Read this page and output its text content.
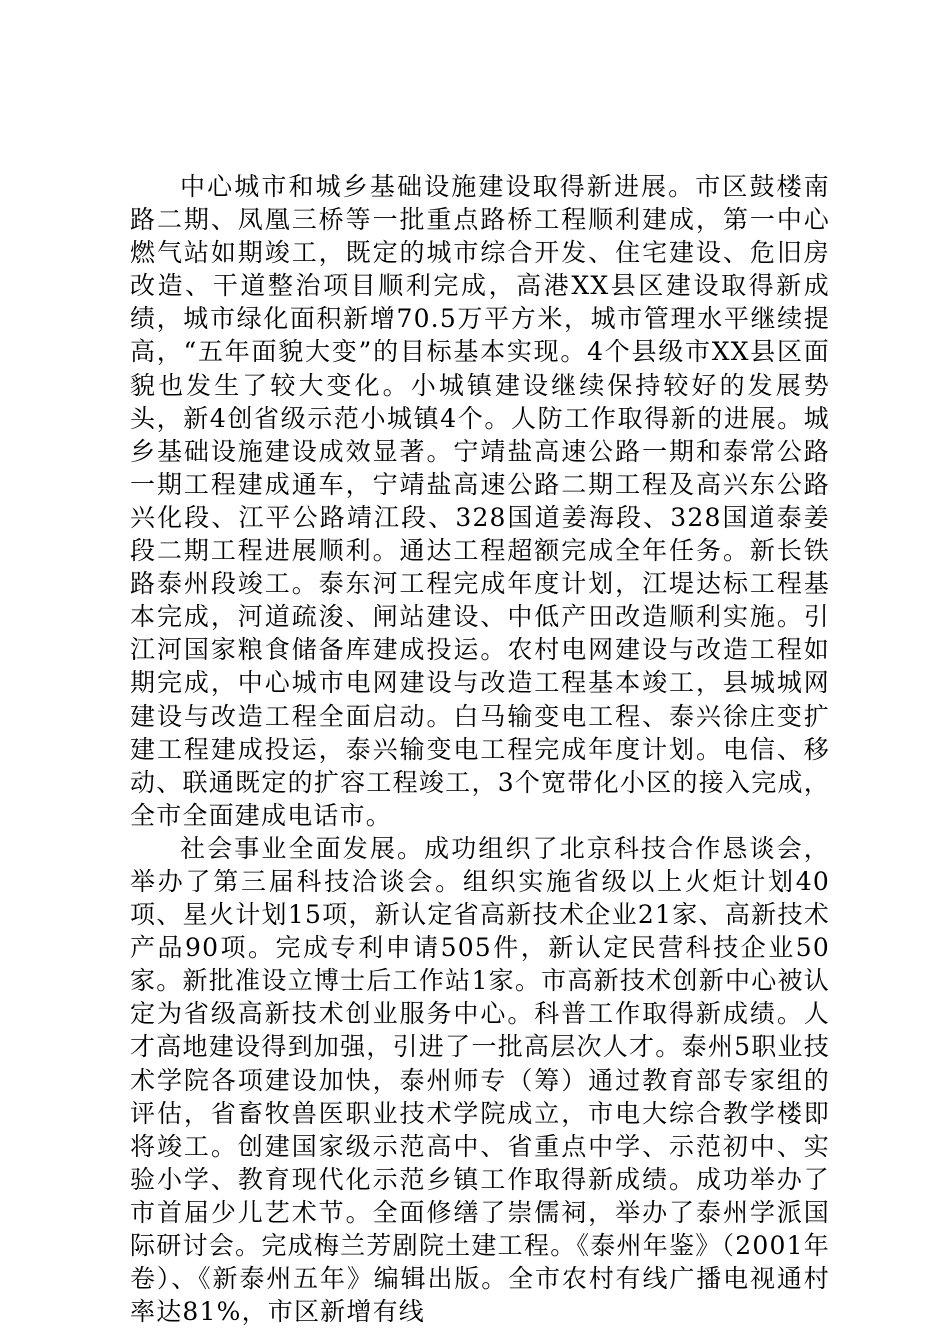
中心城市和城乡基础设施建设取得新进展。市区鼓楼南路二期、凤凰三桥等一批重点路桥工程顺利建成，第一中心燃气站如期竣工，既定的城市综合开发、住宅建设、危旧房改造、干道整治项目顺利完成，高港XX县区建设取得新成绩，城市绿化面积新增70.5万平方米，城市管理水平继续提高，“五年面貌大变”的目标基本实现。4个县级市XX县区面貌也发生了较大变化。小城镇建设继续保持较好的发展势头，新4创省级示范小城镇4个。人防工作取得新的进展。城乡基础设施建设成效显著。宁靖盐高速公路一期和泰常公路一期工程建成通车，宁靖盐高速公路二期工程及高兴东公路兴化段、江平公路靖江段、328国道姜海段、328国道泰姜段二期工程进展顺利。通达工程超额完成全年任务。新长铁路泰州段竣工。泰东河工程完成年度计划，江堤达标工程基本完成，河道疏浚、闸站建设、中低产田改造顺利实施。引江河国家粮食储备库建成投运。农村电网建设与改造工程如期完成，中心城市电网建设与改造工程基本竣工，县城城网建设与改造工程全面启动。白马输变电工程、泰兴徐庄变扩建工程建成投运，泰兴输变电工程完成年度计划。电信、移动、联通既定的扩容工程竣工，3个宽带化小区的接入完成，全市全面建成电话市。

社会事业全面发展。成功组织了北京科技合作恳谈会，举办了第三届科技洽谈会。组织实施省级以上火炬计划40项、星火计划15项，新认定省高新技术企业21家、高新技术产品90项。完成专利申请505件，新认定民营科技企业50家。新批准设立博士后工作站1家。市高新技术创新中心被认定为省级高新技术创业服务中心。科普工作取得新成绩。人才高地建设得到加强，引进了一批高层次人才。泰州5职业技术学院各项建设加快，泰州师专（筹）通过教育部专家组的评估，省畜牧兽医职业技术学院成立，市电大综合教学楼即将竣工。创建国家级示范高中、省重点中学、示范初中、实验小学、教育现代化示范乡镇工作取得新成绩。成功举办了市首届少儿艺术节。全面修缮了崇儒祠，举办了泰州学派国际研讨会。完成梅兰芳剧院土建工程。《泰州年鉴》（2001年卷）、《新泰州五年》编辑出版。全市农村有线广播电视通村率达81%，市区新增有线
